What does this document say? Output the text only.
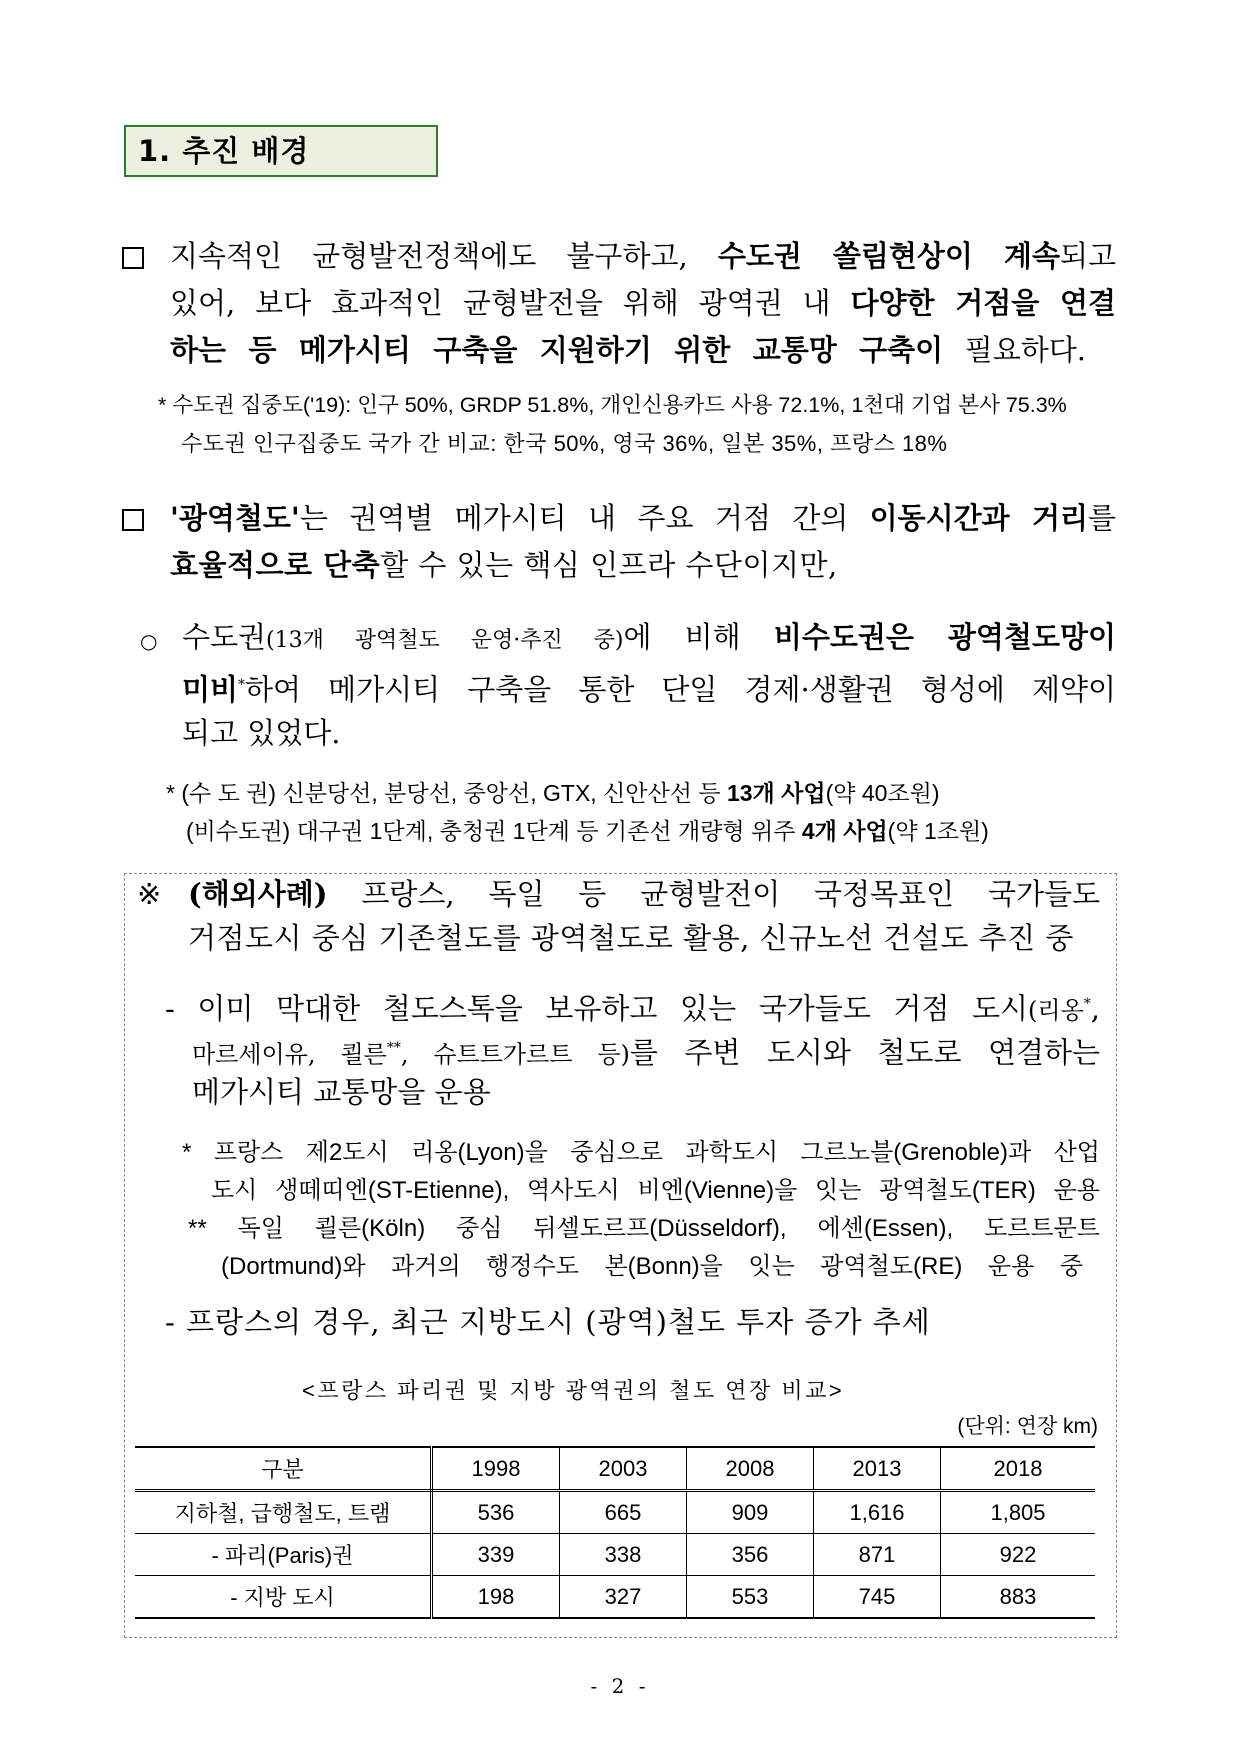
1. 추진 배경
지속적인 균형발전정책에도 불구하고, 수도권 쏠림현상이 계속되고
있어, 보다 효과적인 균형발전을 위해 광역권 내 다양한 거점을 연결
하는 등 메가시티 구축을 지원하기 위한 교통망 구축이 필요하다.
* 수도권 집중도('19): 인구 50%, GRDP 51.8%, 개인신용카드 사용 72.1%, 1천대 기업 본사 75.3%
수도권 인구집중도 국가 간 비교: 한국 50%, 영국 36%, 일본 35%, 프랑스 18%
'광역철도'는 권역별 메가시티 내 주요 거점 간의 이동시간과 거리를
효율적으로 단축할 수 있는 핵심 인프라 수단이지만,
○ 수도권(13개 광역철도 운영·추진 중)에 비해 비수도권은 광역철도망이
미비*하여 메가시티 구축을 통한 단일 경제·생활권 형성에 제약이
되고 있었다.
* (수 도 권) 신분당선, 분당선, 중앙선, GTX, 신안산선 등 13개 사업(약 40조원)
(비수도권) 대구권 1단계, 충청권 1단계 등 기존선 개량형 위주 4개 사업(약 1조원)
※ (해외사례) 프랑스, 독일 등 균형발전이 국정목표인 국가들도
거점도시 중심 기존철도를 광역철도로 활용, 신규노선 건설도 추진 중
- 이미 막대한 철도스톡을 보유하고 있는 국가들도 거점 도시(리옹*,
마르세이유, 쾰른**, 슈트트가르트 등)를 주변 도시와 철도로 연결하는
메가시티 교통망을 운용
* 프랑스 제2도시 리옹(Lyon)을 중심으로 과학도시 그르노블(Grenoble)과 산업
도시 생떼띠엔(ST-Etienne), 역사도시 비엔(Vienne)을 잇는 광역철도(TER) 운용
** 독일 쾰른(Köln) 중심 뒤셀도르프(Düsseldorf), 에센(Essen), 도르트문트
(Dortmund)와 과거의 행정수도 본(Bonn)을 잇는 광역철도(RE) 운용 중
- 프랑스의 경우, 최근 지방도시 (광역)철도 투자 증가 추세
<프랑스 파리권 및 지방 광역권의 철도 연장 비교>
(단위: 연장 km)
구분	1998	2003	2008	2013	2018
지하철, 급행철도, 트램	536	665	909	1,616	1,805
- 파리(Paris)권	339	338	356	871	922
- 지방 도시	198	327	553	745	883
- 2 -
